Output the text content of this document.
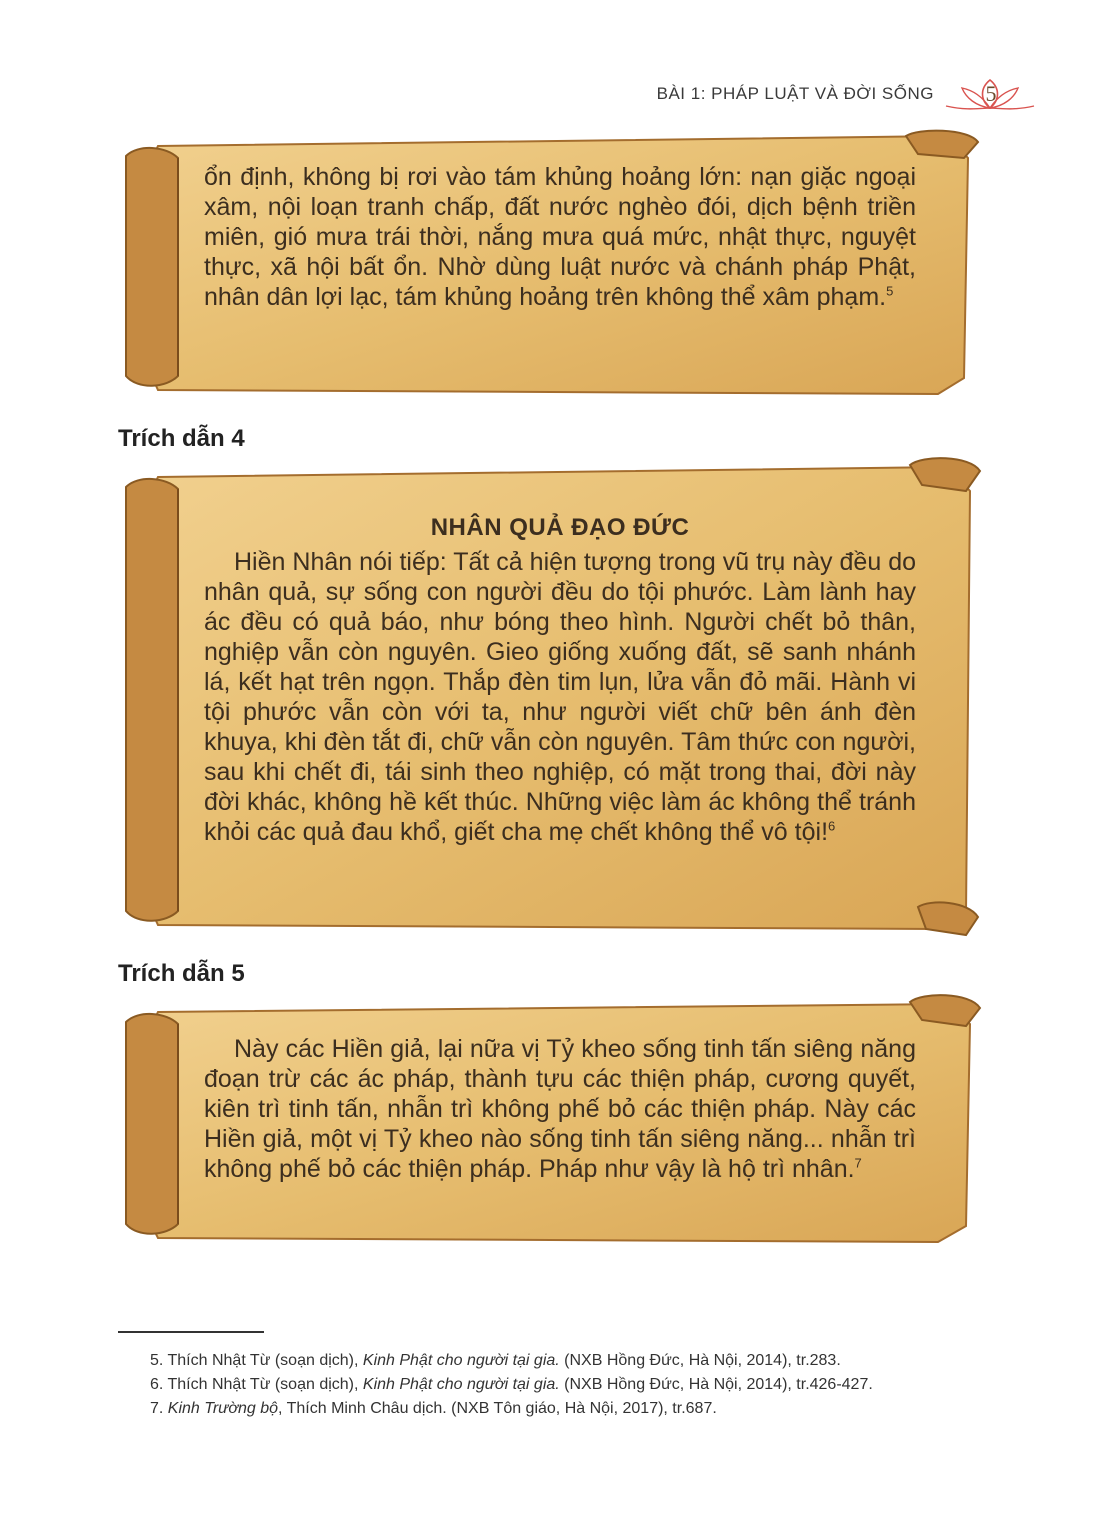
BÀI 1: PHÁP LUẬT VÀ ĐỜI SỐNG 5

ổn định, không bị rơi vào tám khủng hoảng lớn: nạn giặc ngoại xâm, nội loạn tranh chấp, đất nước nghèo đói, dịch bệnh triền miên, gió mưa trái thời, nắng mưa quá mức, nhật thực, nguyệt thực, xã hội bất ổn. Nhờ dùng luật nước và chánh pháp Phật, nhân dân lợi lạc, tám khủng hoảng trên không thể xâm phạm.$^5$

Trích dẫn 4
NHÂN QUẢ ĐẠO ĐỨC

Hiền Nhân nói tiếp: Tất cả hiện tượng trong vũ trụ này đều do nhân quả, sự sống con người đều do tội phước. Làm lành hay ác đều có quả báo, như bóng theo hình. Người chết bỏ thân, nghiệp vẫn còn nguyên. Gieo giống xuống đất, sẽ sanh nhánh lá, kết hạt trên ngọn. Thắp đèn tim lụn, lửa vẫn đỏ mãi. Hành vi tội phước vẫn còn với ta, như người viết chữ bên ánh đèn khuya, khi đèn tắt đi, chữ vẫn còn nguyên. Tâm thức con người, sau khi chết đi, tái sinh theo nghiệp, có mặt trong thai, đời này đời khác, không hề kết thúc. Những việc làm ác không thể tránh khỏi các quả đau khổ, giết cha mẹ chết không thể vô tội!$^6$

Trích dẫn 5

Này các Hiền giả, lại nữa vị Tỷ kheo sống tinh tấn siêng năng đoạn trừ các ác pháp, thành tựu các thiện pháp, cương quyết, kiên trì tinh tấn, nhẫn trì không phế bỏ các thiện pháp. Này các Hiền giả, một vị Tỷ kheo nào sống tinh tấn siêng năng... nhẫn trì không phế bỏ các thiện pháp. Pháp như vậy là hộ trì nhân.$^7$

5. Thích Nhật Từ (soạn dịch), Kinh Phật cho người tại gia. (NXB Hồng Đức, Hà Nội, 2014), tr.283.

6. Thích Nhật Từ (soạn dịch), Kinh Phật cho người tại gia. (NXB Hồng Đức, Hà Nội, 2014), tr.426-427.

7. Kinh Trường bộ, Thích Minh Châu dịch. (NXB Tôn giáo, Hà Nội, 2017), tr.687.
